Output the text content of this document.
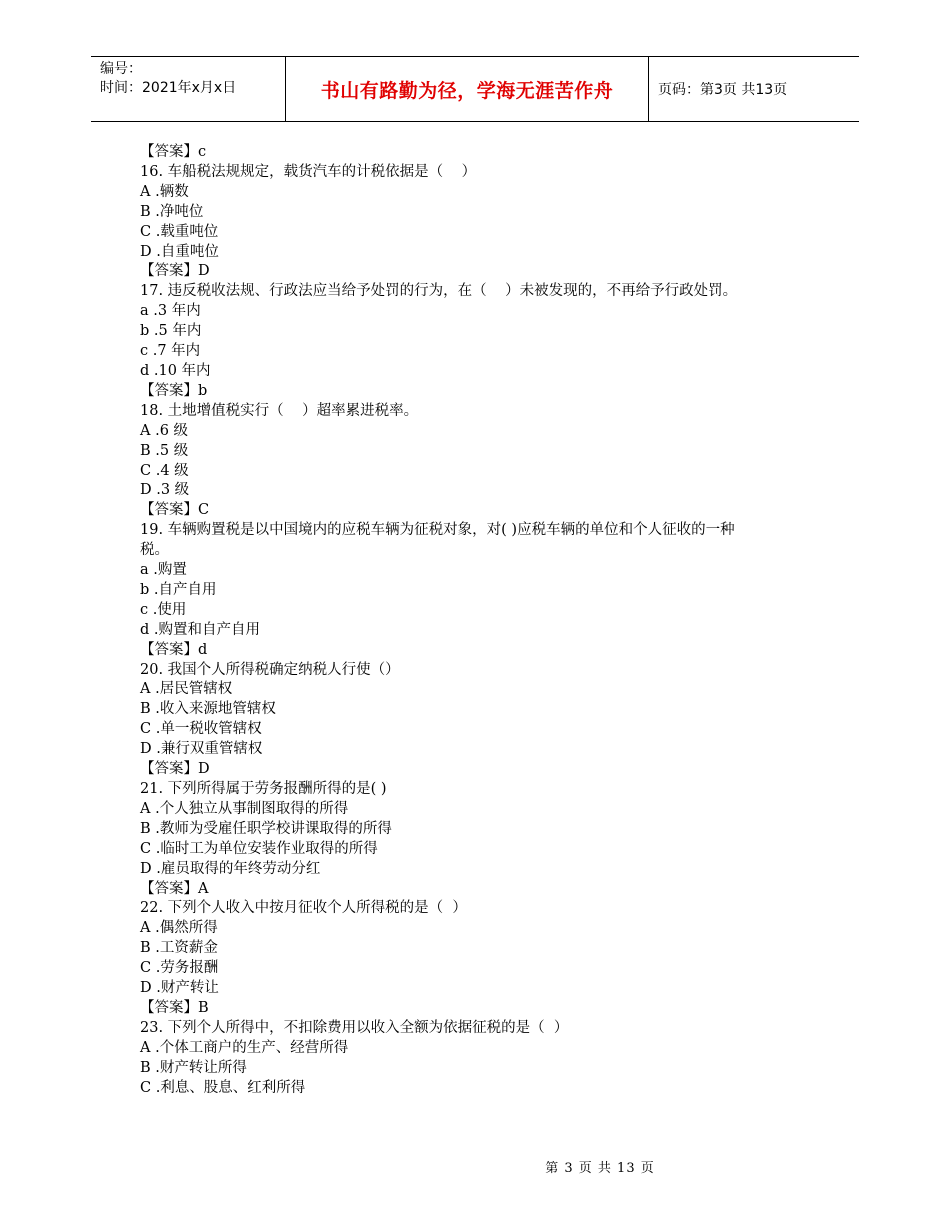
编号：
时间：2021年x月x日	书山有路勤为径，学海无涯苦作舟	页码：第3页 共13页
【答案】c
16. 车船税法规规定，载货汽车的计税依据是（    ）
A .辆数
B .净吨位
C .载重吨位
D .自重吨位
【答案】D
17. 违反税收法规、行政法应当给予处罚的行为，在（    ）未被发现的，不再给予行政处罚。
a .3 年内
b .5 年内
c .7 年内
d .10 年内
【答案】b
18. 土地增值税实行（    ）超率累进税率。
A .6 级
B .5 级
C .4 级
D .3 级
【答案】C
19. 车辆购置税是以中国境内的应税车辆为征税对象，对( )应税车辆的单位和个人征收的一种
税。
a .购置
b .自产自用
c .使用
d .购置和自产自用
【答案】d
20. 我国个人所得税确定纳税人行使（）
A .居民管辖权
B .收入来源地管辖权
C .单一税收管辖权
D .兼行双重管辖权
【答案】D
21. 下列所得属于劳务报酬所得的是( )
A .个人独立从事制图取得的所得
B .教师为受雇任职学校讲课取得的所得
C .临时工为单位安装作业取得的所得
D .雇员取得的年终劳动分红
【答案】A
22. 下列个人收入中按月征收个人所得税的是（  ）
A .偶然所得
B .工资薪金
C .劳务报酬
D .财产转让
【答案】B
23. 下列个人所得中，不扣除费用以收入全额为依据征税的是（  ）
A .个体工商户的生产、经营所得
B .财产转让所得
C .利息、股息、红利所得
第 3 页 共 13 页
